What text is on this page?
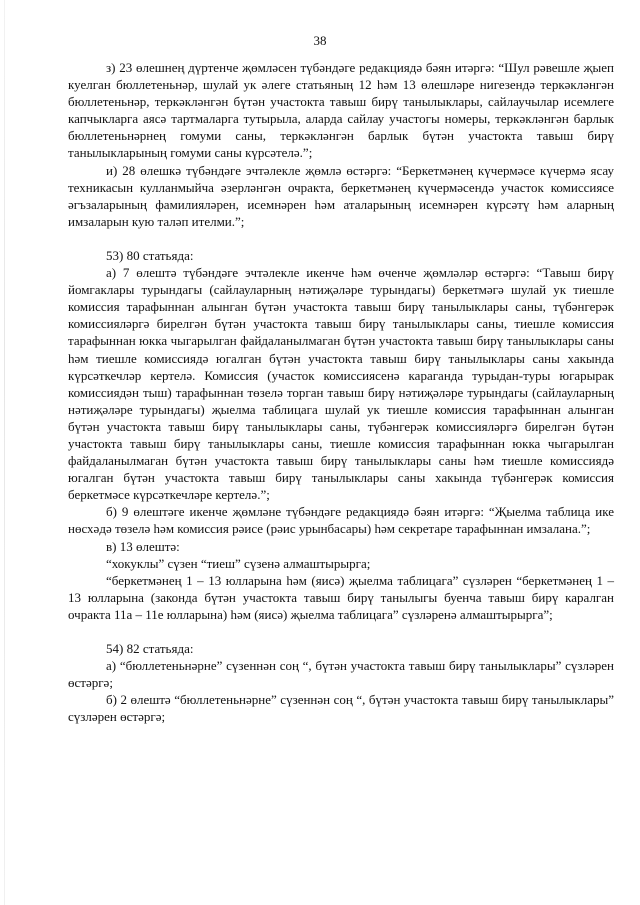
38

з) 23 өлешнең дүртенче җөмләсен түбәндәге редакциядә бәян итәргә: “Шул рәвешле җыеп куелган бюллетеньнәр, шулай ук әлеге статьяның 12 һәм 13 өлешләре нигезендә теркәкләнгән бюллетеньнәр, теркәкләнгән бүтән участокта тавыш бирү танылыклары, сайлаучылар исемлеге капчыкларга аясә тартмаларга тутырыла, аларда сайлау участогы номеры, теркәкләнгән барлык бюллетеньнәрнең гомуми саны, теркәкләнгән барлык бүтән участокта тавыш бирү танылыкларының гомуми саны күрсәтелә.”;

и) 28 өлешкә түбәндәге эчтәлекле җөмлә өстәргә: “Беркетмәнең күчермәсе күчермә ясау техникасын кулланмыйча әзерләнгән очракта, беркетмәнең күчермәсендә участок комиссиясе әгъзаларының фамилияләрен, исемнәрен һәм аталарының исемнәрен күрсәтү һәм аларның имзаларын кую таләп ителми.”;

53) 80 статьяда:

а) 7 өлештә түбәндәге эчтәлекле икенче һәм өченче җөмләләр өстәргә: “Тавыш бирү йомгаклары турындагы (сайлауларның нәтиҗәләре турындагы) беркетмәгә шулай ук тиешле комиссия тарафыннан алынган бүтән участокта тавыш бирү танылыклары саны, түбәнгерәк комиссияләргә бирелгән бүтән участокта тавыш бирү танылыклары саны, тиешле комиссия тарафыннан юкка чыгарылган файдаланылмаган бүтән участокта тавыш бирү танылыклары саны һәм тиешле комиссиядә югалган бүтән участокта тавыш бирү танылыклары саны хакында күрсәткечләр кертелә. Комиссия (участок комиссиясенә караганда турыдан-туры югарырак комиссиядән тыш) тарафыннан төзелә торган тавыш бирү нәтиҗәләре турындагы (сайлауларның нәтиҗәләре турындагы) җыелма таблицага шулай ук тиешле комиссия тарафыннан алынган бүтән участокта тавыш бирү танылыклары саны, түбәнгерәк комиссияләргә бирелгән бүтән участокта тавыш бирү танылыклары саны, тиешле комиссия тарафыннан юкка чыгарылган файдаланылмаган бүтән участокта тавыш бирү танылыклары саны һәм тиешле комиссиядә югалган бүтән участокта тавыш бирү танылыклары саны хакында түбәнгерәк комиссия беркетмәсе күрсәткечләре кертелә.”;

б) 9 өлештәге икенче җөмләне түбәндәге редакциядә бәян итәргә: “Җыелма таблица ике нөсхәдә төзелә һәм комиссия рәисе (рәис урынбасары) һәм секретаре тарафыннан имзалана.”;

в) 13 өлештә:

“хокуклы” сүзен “тиеш” сүзенә алмаштырырга;

“беркетмәнең 1 – 13 юлларына һәм (яисә) җыелма таблицага” сүзләрен “беркетмәнең 1 – 13 юлларына (законда бүтән участокта тавыш бирү танылыгы буенча тавыш бирү каралган очракта 11а – 11е юлларына) һәм (яисә) җыелма таблицага” сүзләренә алмаштырырга”;

54) 82 статьяда:

а) “бюллетеньнәрне” сүзеннән соң “, бүтән участокта тавыш бирү танылыклары” сүзләрен өстәргә;

б) 2 өлештә “бюллетеньнәрне” сүзеннән соң “, бүтән участокта тавыш бирү танылыклары” сүзләрен өстәргә;
